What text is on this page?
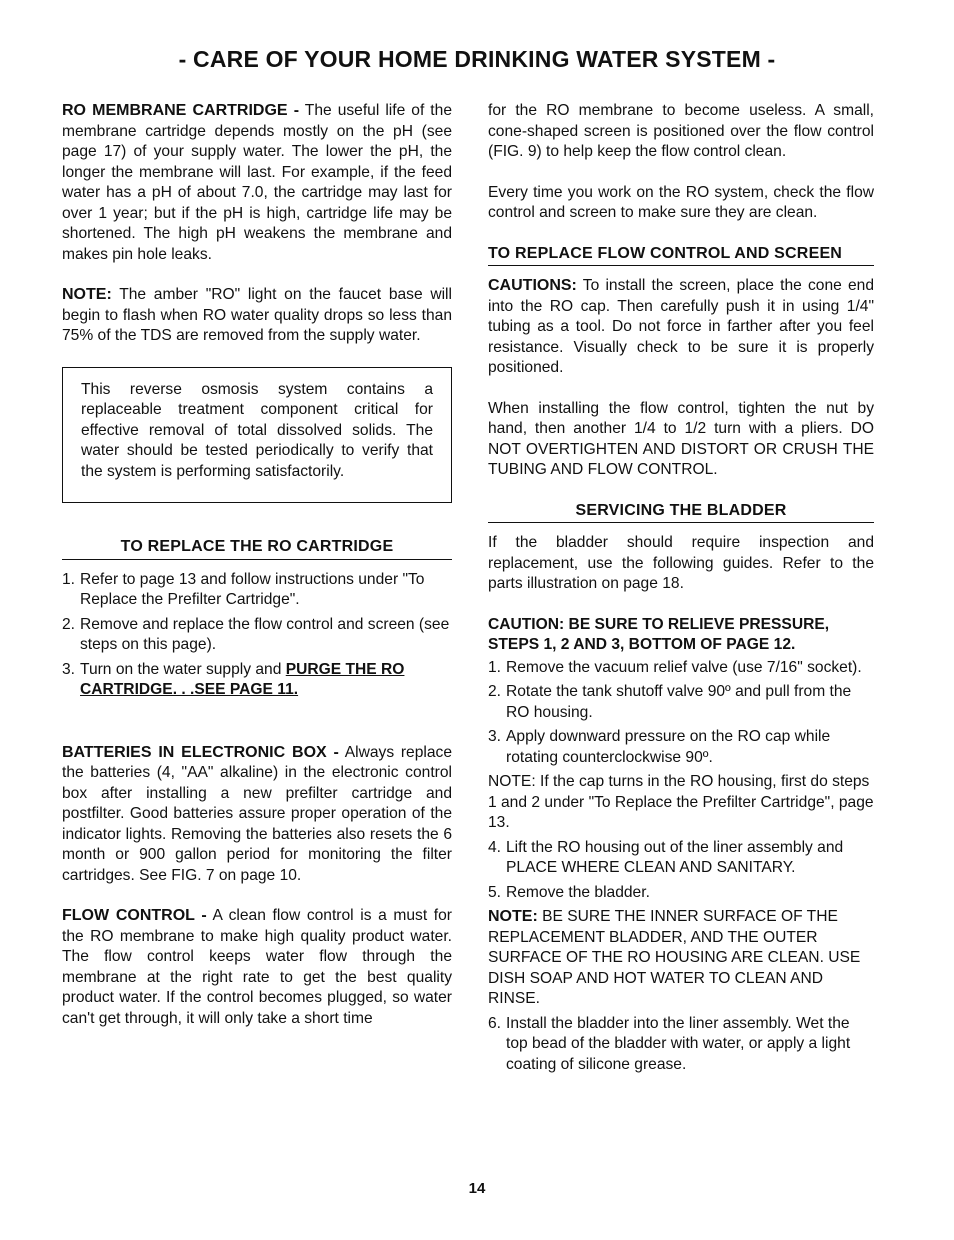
- CARE OF YOUR HOME DRINKING WATER SYSTEM -

RO MEMBRANE CARTRIDGE - The useful life of the membrane cartridge depends mostly on the pH (see page 17) of your supply water. The lower the pH, the longer the membrane will last. For example, if the feed water has a pH of about 7.0, the cartridge may last for over 1 year; but if the pH is high, cartridge life may be shortened. The high pH weakens the membrane and makes pin hole leaks.

NOTE: The amber "RO" light on the faucet base will begin to flash when RO water quality drops so less than 75% of the TDS are removed from the supply water.

This reverse osmosis system contains a replaceable treatment component critical for effective removal of total dissolved solids. The water should be tested periodically to verify that the system is performing satisfactorily.

TO REPLACE THE RO CARTRIDGE
1. Refer to page 13 and follow instructions under "To Replace the Prefilter Cartridge".
2. Remove and replace the flow control and screen (see steps on this page).
3. Turn on the water supply and PURGE THE RO CARTRIDGE. . .SEE PAGE 11.

BATTERIES IN ELECTRONIC BOX - Always replace the batteries (4, "AA" alkaline) in the electronic control box after installing a new prefilter cartridge and postfilter. Good batteries assure proper operation of the indicator lights. Removing the batteries also resets the 6 month or 900 gallon period for monitoring the filter cartridges. See FIG. 7 on page 10.

FLOW CONTROL - A clean flow control is a must for the RO membrane to make high quality product water. The flow control keeps water flow through the membrane at the right rate to get the best quality product water. If the control becomes plugged, so water can't get through, it will only take a short time

for the RO membrane to become useless. A small, cone-shaped screen is positioned over the flow control (FIG. 9) to help keep the flow control clean.

Every time you work on the RO system, check the flow control and screen to make sure they are clean.

TO REPLACE FLOW CONTROL AND SCREEN

CAUTIONS: To install the screen, place the cone end into the RO cap. Then carefully push it in using 1/4" tubing as a tool. Do not force in farther after you feel resistance. Visually check to be sure it is properly positioned.

When installing the flow control, tighten the nut by hand, then another 1/4 to 1/2 turn with a pliers. DO NOT OVERTIGHTEN AND DISTORT OR CRUSH THE TUBING AND FLOW CONTROL.

SERVICING THE BLADDER

If the bladder should require inspection and replacement, use the following guides. Refer to the parts illustration on page 18.

CAUTION: BE SURE TO RELIEVE PRESSURE, STEPS 1, 2 AND 3, BOTTOM OF PAGE 12.
1. Remove the vacuum relief valve (use 7/16" socket).
2. Rotate the tank shutoff valve 90º and pull from the RO housing.
3. Apply downward pressure on the RO cap while rotating counterclockwise 90º.

NOTE: If the cap turns in the RO housing, first do steps 1 and 2 under "To Replace the Prefilter Cartridge", page 13.

4. Lift the RO housing out of the liner assembly and PLACE WHERE CLEAN AND SANITARY.
5. Remove the bladder.

NOTE: BE SURE THE INNER SURFACE OF THE REPLACEMENT BLADDER, AND THE OUTER SURFACE OF THE RO HOUSING ARE CLEAN. USE DISH SOAP AND HOT WATER TO CLEAN AND RINSE.

6. Install the bladder into the liner assembly. Wet the top bead of the bladder with water, or apply a light coating of silicone grease.
14
